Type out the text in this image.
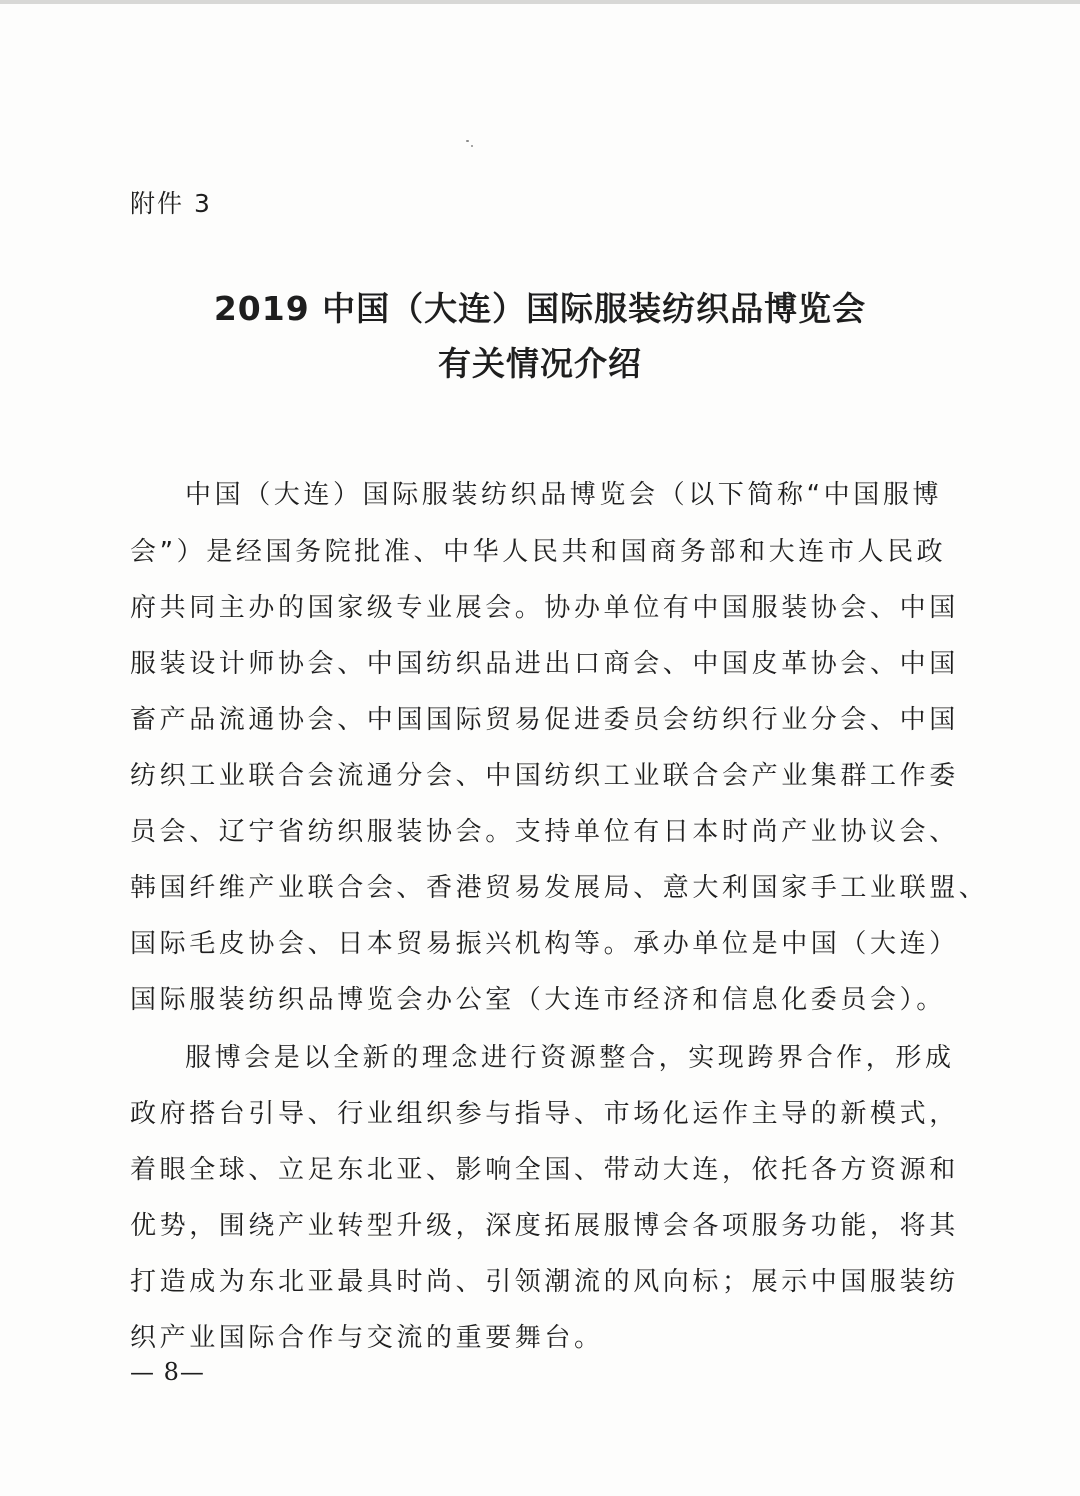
附件 3
2019 中国（大连）国际服装纺织品博览会
有关情况介绍
中国（大连）国际服装纺织品博览会（以下简称“中国服博
会”）是经国务院批准、中华人民共和国商务部和大连市人民政
府共同主办的国家级专业展会。协办单位有中国服装协会、中国
服装设计师协会、中国纺织品进出口商会、中国皮革协会、中国
畜产品流通协会、中国国际贸易促进委员会纺织行业分会、中国
纺织工业联合会流通分会、中国纺织工业联合会产业集群工作委
员会、辽宁省纺织服装协会。支持单位有日本时尚产业协议会、
韩国纤维产业联合会、香港贸易发展局、意大利国家手工业联盟、
国际毛皮协会、日本贸易振兴机构等。承办单位是中国（大连）
国际服装纺织品博览会办公室（大连市经济和信息化委员会）。
服博会是以全新的理念进行资源整合，实现跨界合作，形成
政府搭台引导、行业组织参与指导、市场化运作主导的新模式，
着眼全球、立足东北亚、影响全国、带动大连，依托各方资源和
优势，围绕产业转型升级，深度拓展服博会各项服务功能，将其
打造成为东北亚最具时尚、引领潮流的风向标；展示中国服装纺
织产业国际合作与交流的重要舞台。
— 8—
